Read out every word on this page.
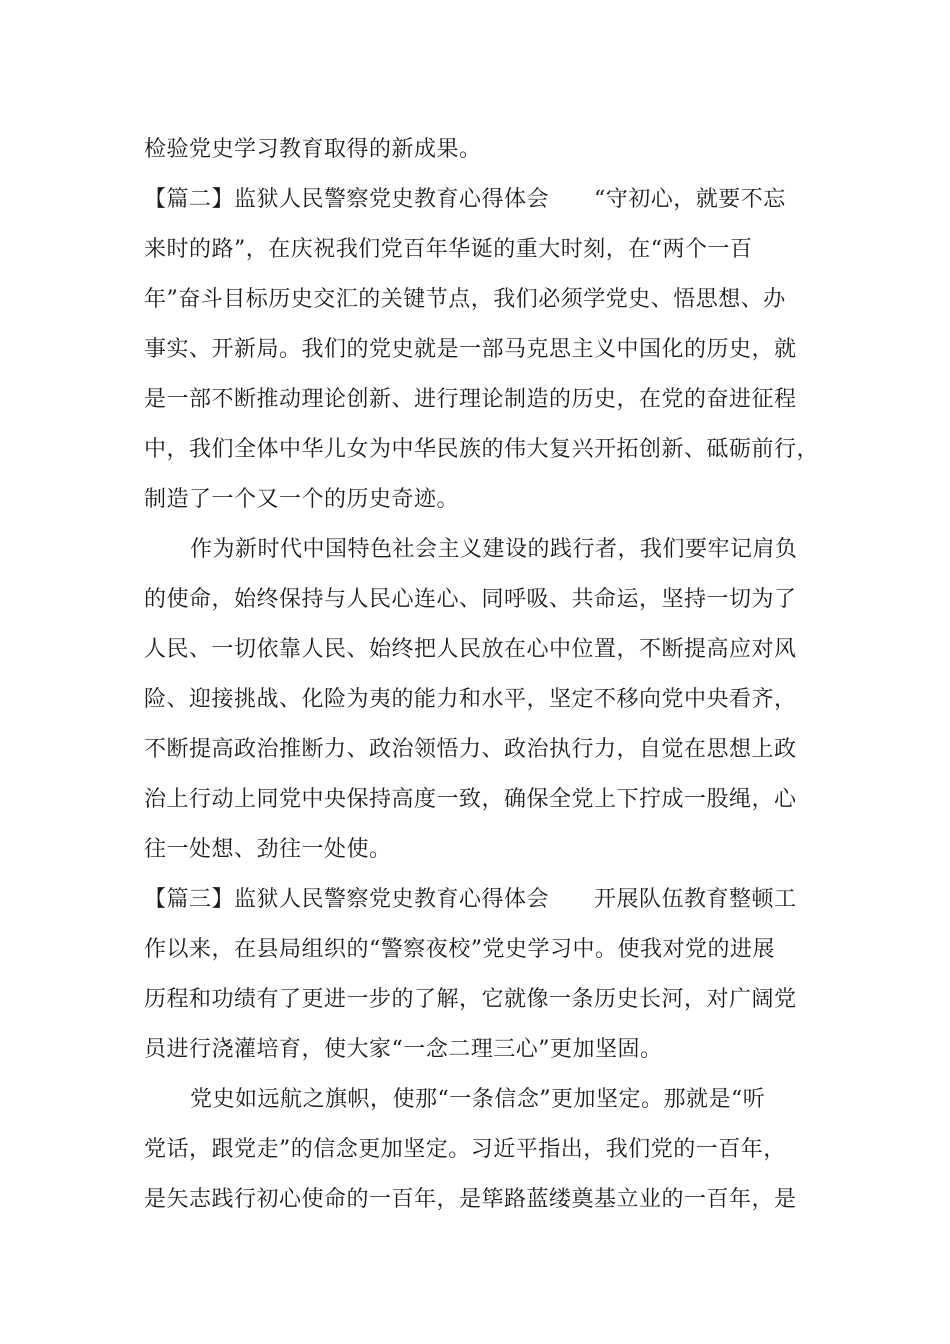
检验党史学习教育取得的新成果。
【篇二】监狱人民警察党史教育心得体会　　“守初心，就要不忘
来时的路”，在庆祝我们党百年华诞的重大时刻，在“两个一百
年”奋斗目标历史交汇的关键节点，我们必须学党史、悟思想、办
事实、开新局。我们的党史就是一部马克思主义中国化的历史，就
是一部不断推动理论创新、进行理论制造的历史，在党的奋进征程
中，我们全体中华儿女为中华民族的伟大复兴开拓创新、砥砺前行，
制造了一个又一个的历史奇迹。
作为新时代中国特色社会主义建设的践行者，我们要牢记肩负
的使命，始终保持与人民心连心、同呼吸、共命运，坚持一切为了
人民、一切依靠人民、始终把人民放在心中位置，不断提高应对风
险、迎接挑战、化险为夷的能力和水平，坚定不移向党中央看齐，
不断提高政治推断力、政治领悟力、政治执行力，自觉在思想上政
治上行动上同党中央保持高度一致，确保全党上下拧成一股绳，心
往一处想、劲往一处使。
【篇三】监狱人民警察党史教育心得体会　　开展队伍教育整顿工
作以来，在县局组织的“警察夜校”党史学习中。使我对党的进展
历程和功绩有了更进一步的了解，它就像一条历史长河，对广阔党
员进行浇灌培育，使大家“一念二理三心”更加坚固。
党史如远航之旗帜，使那“一条信念”更加坚定。那就是“听
党话，跟党走”的信念更加坚定。习近平指出，我们党的一百年，
是矢志践行初心使命的一百年，是筚路蓝缕奠基立业的一百年，是
